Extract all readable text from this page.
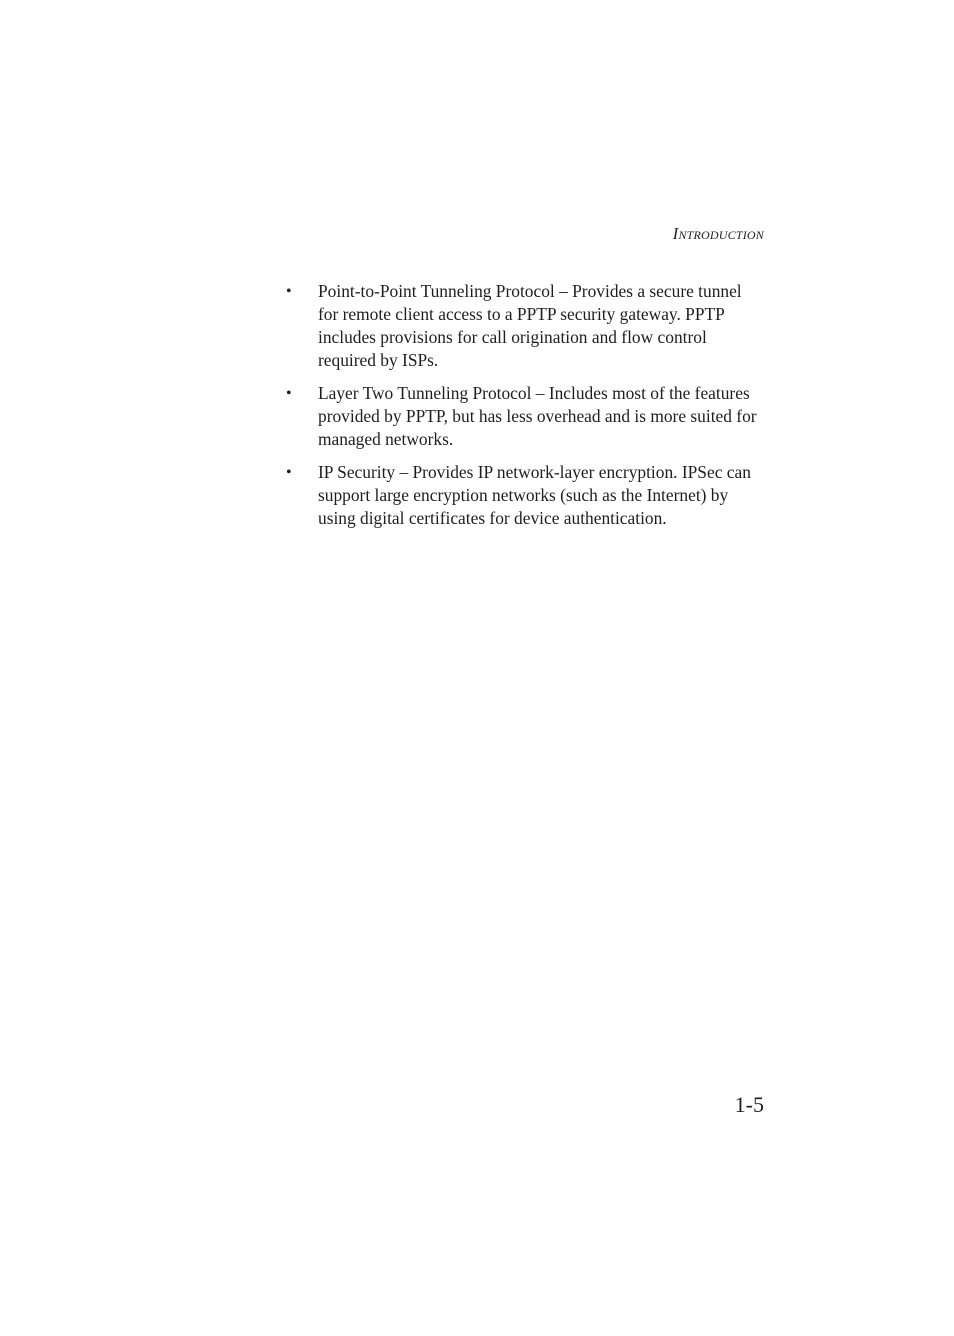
Introduction
• Point-to-Point Tunneling Protocol – Provides a secure tunnel for remote client access to a PPTP security gateway. PPTP includes provisions for call origination and flow control required by ISPs.
• Layer Two Tunneling Protocol – Includes most of the features provided by PPTP, but has less overhead and is more suited for managed networks.
• IP Security – Provides IP network-layer encryption. IPSec can support large encryption networks (such as the Internet) by using digital certificates for device authentication.
1-5
